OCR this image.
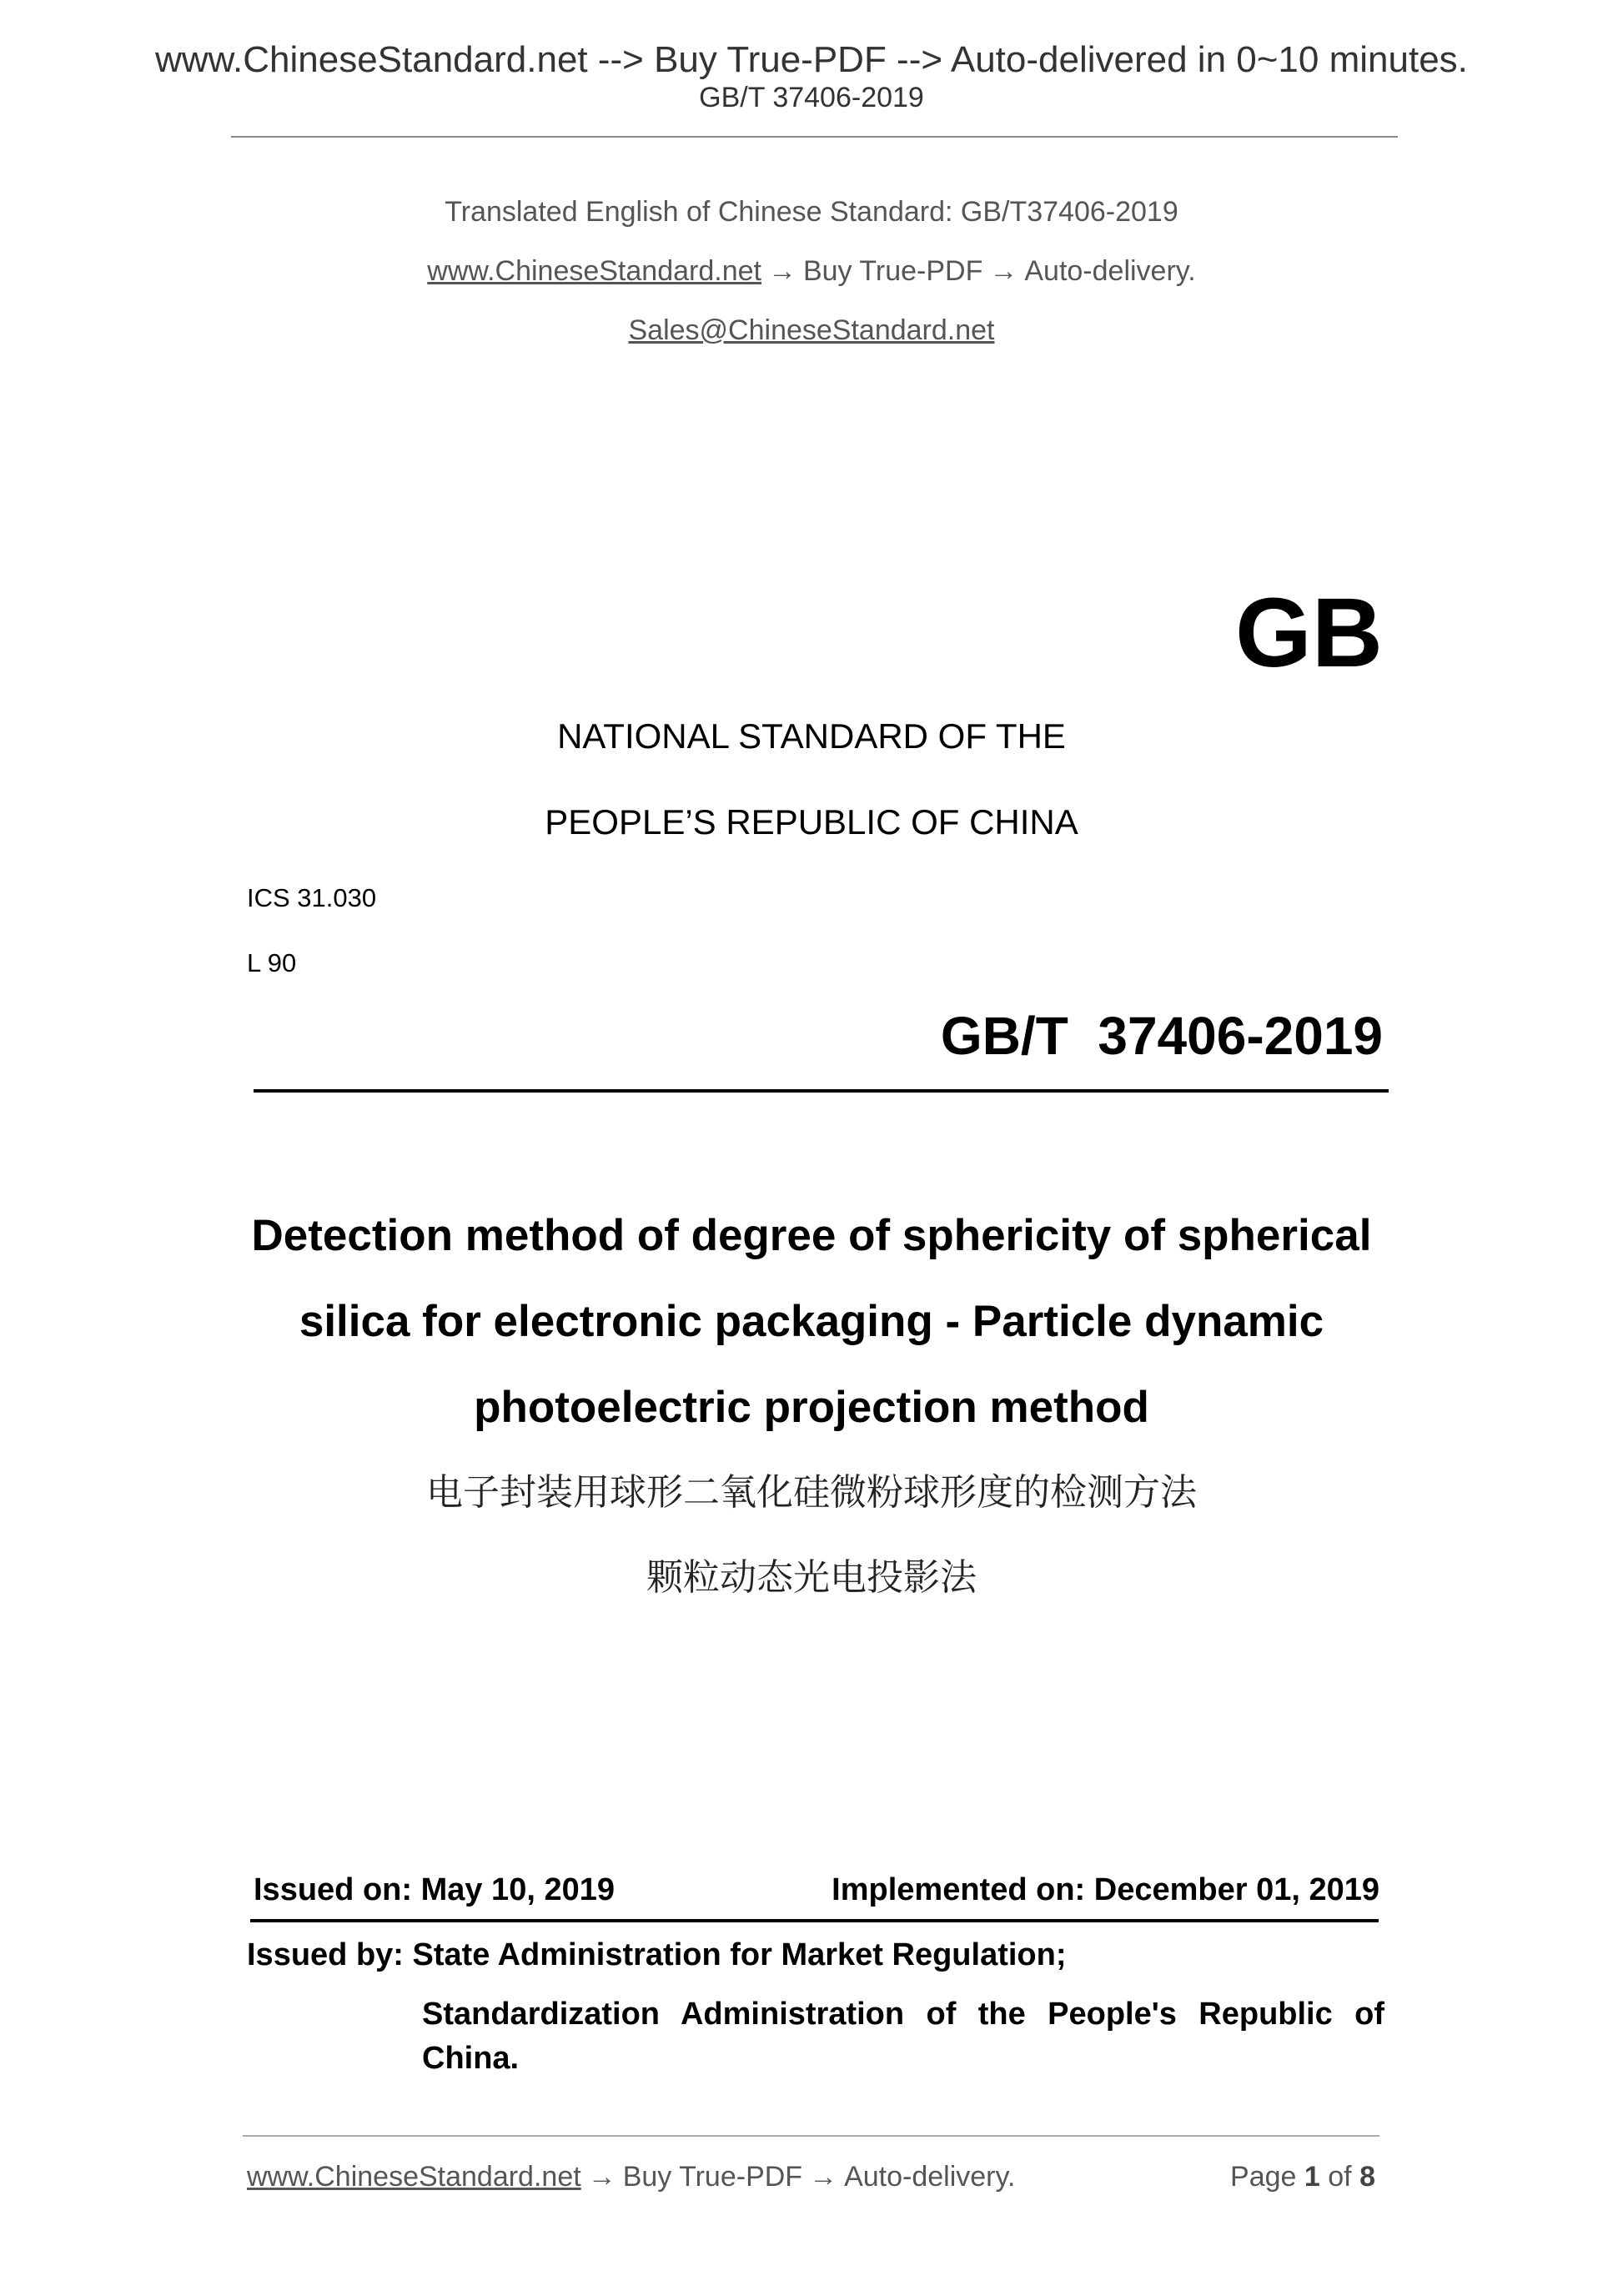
www.ChineseStandard.net --> Buy True-PDF --> Auto-delivered in 0~10 minutes.
GB/T 37406-2019
Translated English of Chinese Standard: GB/T37406-2019
www.ChineseStandard.net → Buy True-PDF → Auto-delivery.
Sales@ChineseStandard.net
GB
NATIONAL STANDARD OF THE
PEOPLE’S REPUBLIC OF CHINA
ICS 31.030
L 90
GB/T  37406-2019
Detection method of degree of sphericity of spherical
silica for electronic packaging - Particle dynamic
photoelectric projection method
电子封装用球形二氧化硅微粉球形度的检测方法
颗粒动态光电投影法
Issued on: May 10, 2019	Implemented on: December 01, 2019
Issued by: State Administration for Market Regulation;
Standardization Administration of the People's Republic of China.
www.ChineseStandard.net → Buy True-PDF → Auto-delivery.	Page 1 of 8
